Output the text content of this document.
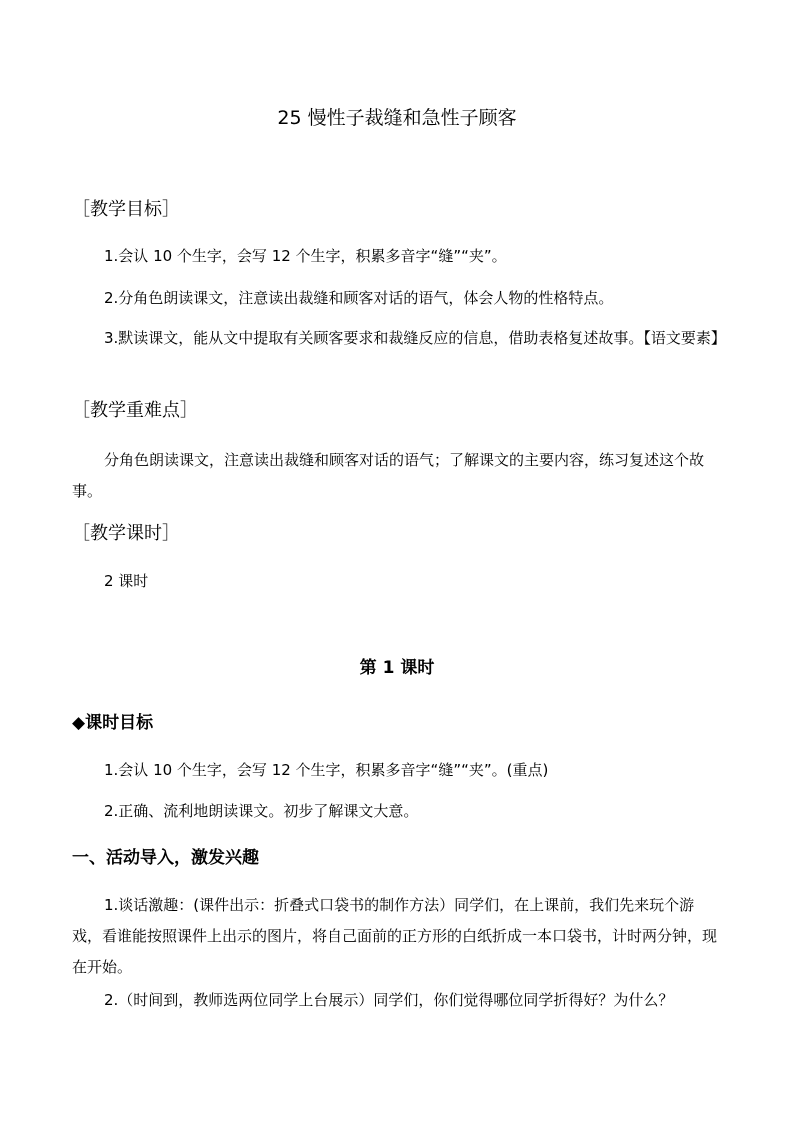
25 慢性子裁缝和急性子顾客
［教学目标］

1.会认 10 个生字，会写 12 个生字，积累多音字“缝”“夹”。

2.分角色朗读课文，注意读出裁缝和顾客对话的语气，体会人物的性格特点。

3.默读课文，能从文中提取有关顾客要求和裁缝反应的信息，借助表格复述故事。【语文要素】

［教学重难点］

分角色朗读课文，注意读出裁缝和顾客对话的语气；了解课文的主要内容，练习复述这个故事。

［教学课时］

2 课时

第 1 课时
◆课时目标

1.会认 10 个生字，会写 12 个生字，积累多音字“缝”“夹”。(重点)

2.正确、流利地朗读课文。初步了解课文大意。

一、活动导入，激发兴趣

1.谈话激趣：(课件出示：折叠式口袋书的制作方法）同学们，在上课前，我们先来玩个游戏，看谁能按照课件上出示的图片，将自己面前的正方形的白纸折成一本口袋书，计时两分钟，现在开始。

2.（时间到，教师选两位同学上台展示）同学们，你们觉得哪位同学折得好？为什么？
